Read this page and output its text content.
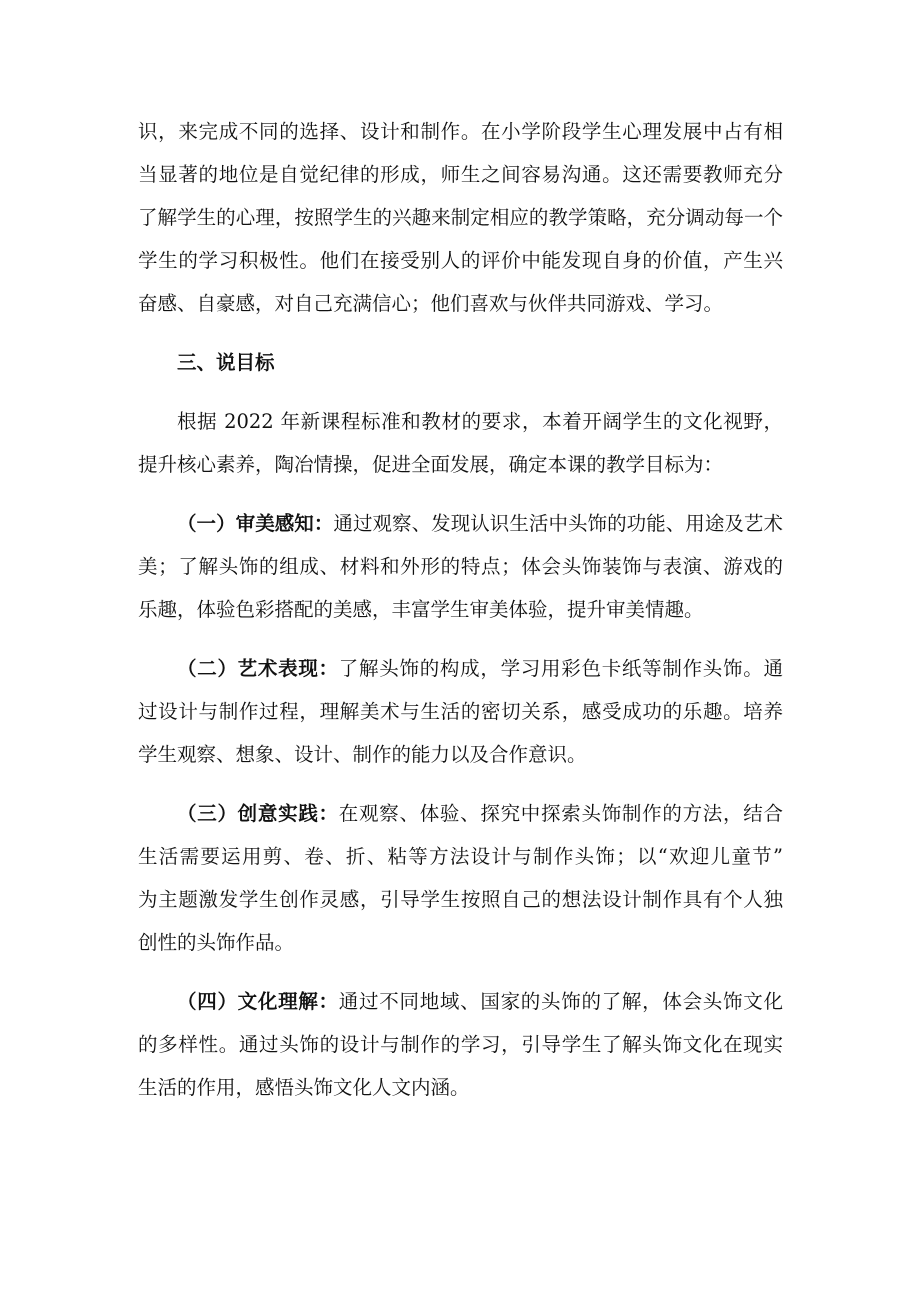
识，来完成不同的选择、设计和制作。在小学阶段学生心理发展中占有相
当显著的地位是自觉纪律的形成，师生之间容易沟通。这还需要教师充分
了解学生的心理，按照学生的兴趣来制定相应的教学策略，充分调动每一个
学生的学习积极性。他们在接受别人的评价中能发现自身的价值，产生兴
奋感、自豪感，对自己充满信心；他们喜欢与伙伴共同游戏、学习。
三、说目标
根据 2022 年新课程标准和教材的要求，本着开阔学生的文化视野，
提升核心素养，陶冶情操，促进全面发展，确定本课的教学目标为：
（一）审美感知：通过观察、发现认识生活中头饰的功能、用途及艺术
美；了解头饰的组成、材料和外形的特点；体会头饰装饰与表演、游戏的
乐趣，体验色彩搭配的美感，丰富学生审美体验，提升审美情趣。
（二）艺术表现：了解头饰的构成，学习用彩色卡纸等制作头饰。通
过设计与制作过程，理解美术与生活的密切关系，感受成功的乐趣。培养
学生观察、想象、设计、制作的能力以及合作意识。
（三）创意实践：在观察、体验、探究中探索头饰制作的方法，结合
生活需要运用剪、卷、折、粘等方法设计与制作头饰；以“欢迎儿童节”
为主题激发学生创作灵感，引导学生按照自己的想法设计制作具有个人独
创性的头饰作品。
（四）文化理解：通过不同地域、国家的头饰的了解，体会头饰文化
的多样性。通过头饰的设计与制作的学习，引导学生了解头饰文化在现实
生活的作用，感悟头饰文化人文内涵。
